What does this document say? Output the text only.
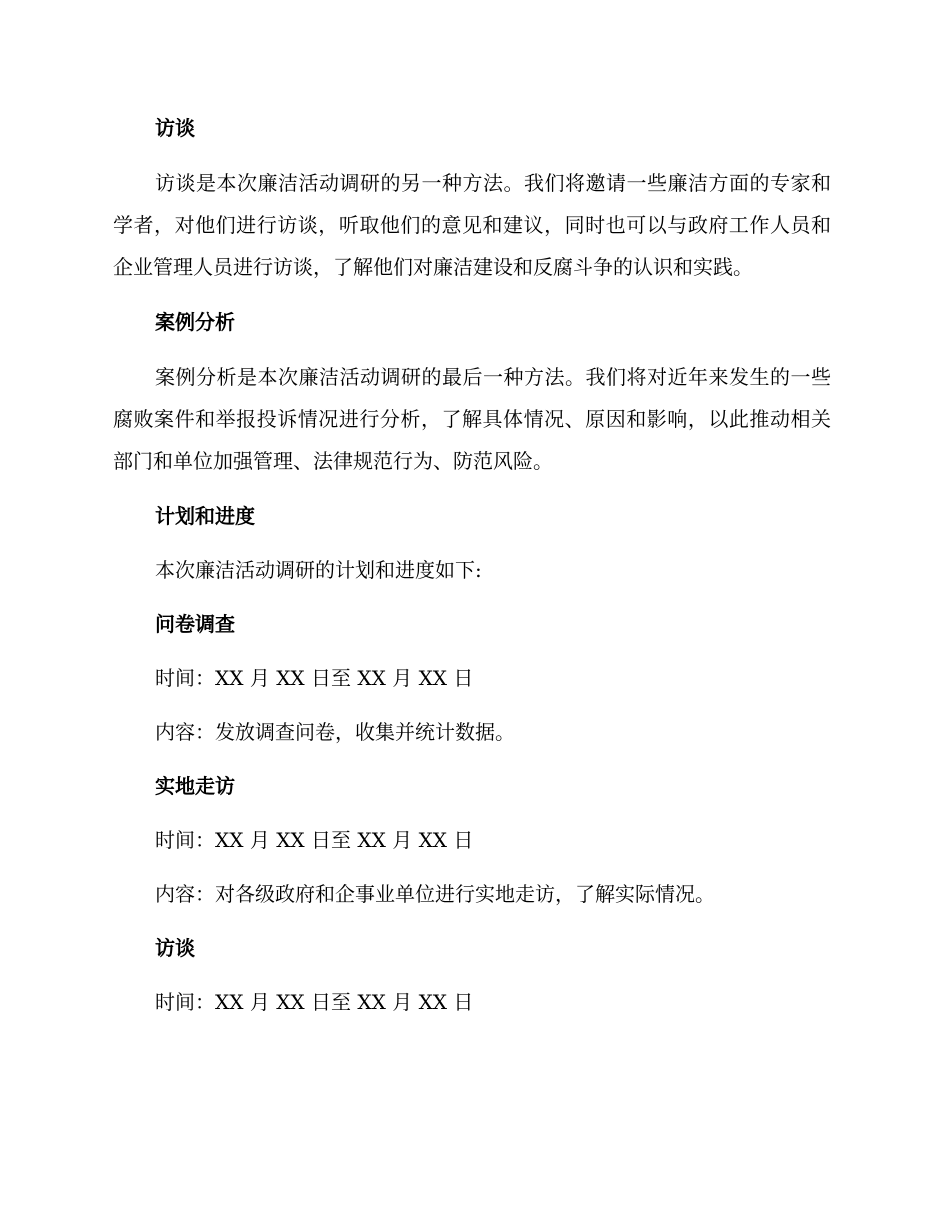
访谈
访谈是本次廉洁活动调研的另一种方法。我们将邀请一些廉洁方面的专家和学者，对他们进行访谈，听取他们的意见和建议，同时也可以与政府工作人员和企业管理人员进行访谈，了解他们对廉洁建设和反腐斗争的认识和实践。
案例分析
案例分析是本次廉洁活动调研的最后一种方法。我们将对近年来发生的一些腐败案件和举报投诉情况进行分析，了解具体情况、原因和影响，以此推动相关部门和单位加强管理、法律规范行为、防范风险。
计划和进度
本次廉洁活动调研的计划和进度如下:
问卷调查
时间：XX 月 XX 日至 XX 月 XX 日
内容：发放调查问卷，收集并统计数据。
实地走访
时间：XX 月 XX 日至 XX 月 XX 日
内容：对各级政府和企事业单位进行实地走访，了解实际情况。
访谈
时间：XX 月 XX 日至 XX 月 XX 日
